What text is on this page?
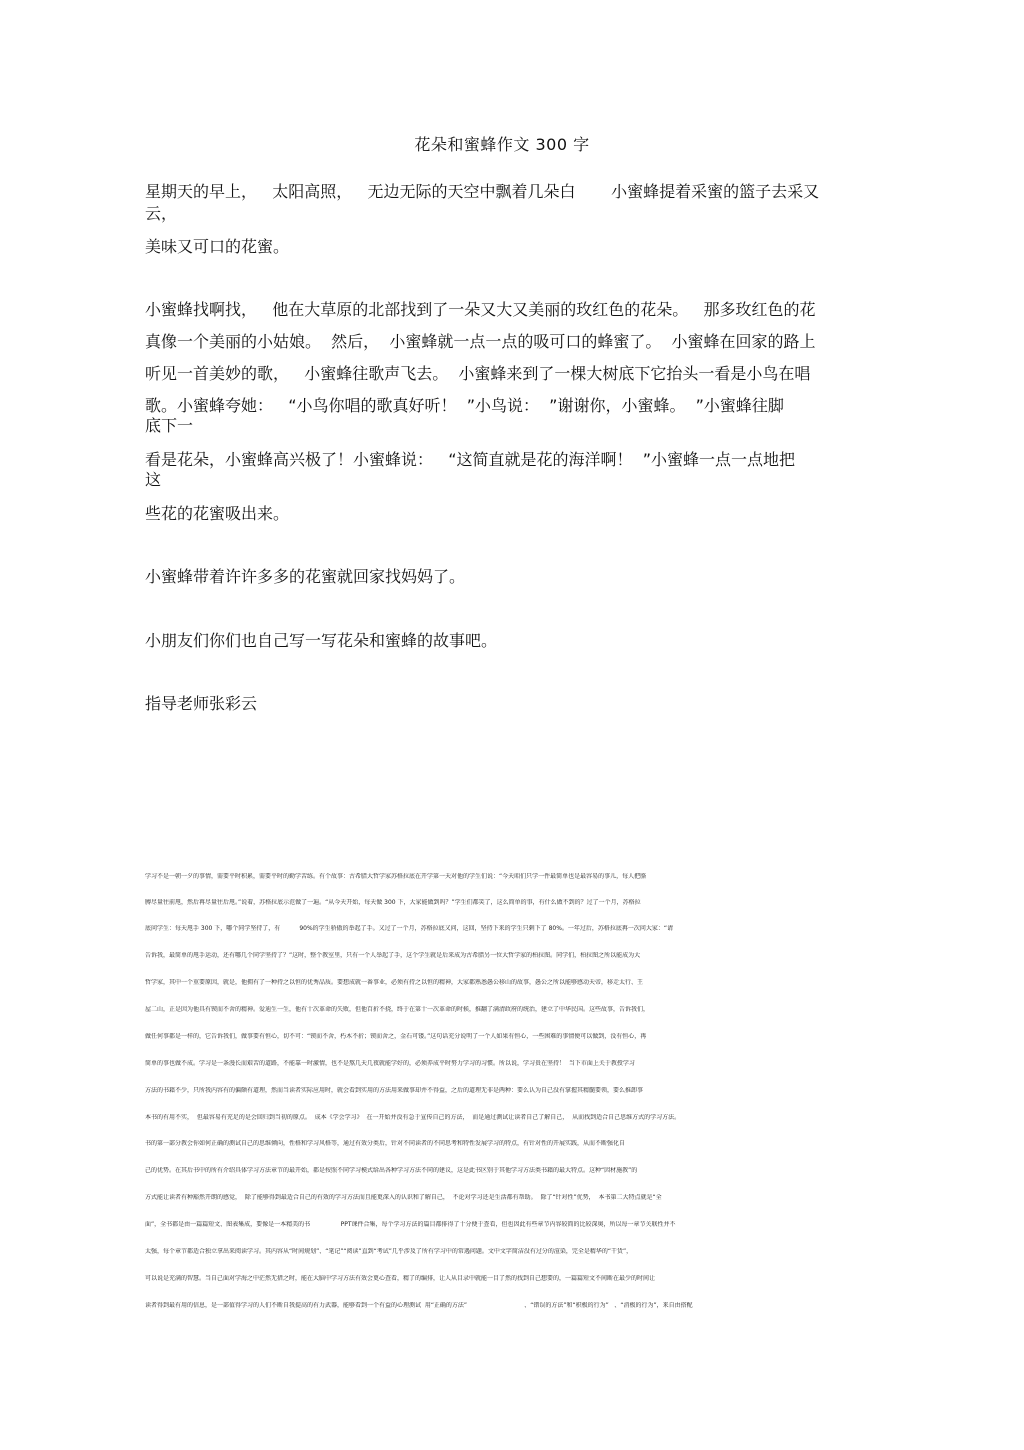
花朵和蜜蜂作文 300 字
星期天的早上，   太阳高照，   无边无际的天空中飘着几朵白       小蜜蜂提着采蜜的篮子去采又
云，
美味又可口的花蜜。
小蜜蜂找啊找，   他在大草原的北部找到了一朵又大又美丽的玫红色的花朵。   那多玫红色的花
真像一个美丽的小姑娘。  然后，  小蜜蜂就一点一点的吸可口的蜂蜜了。  小蜜蜂在回家的路上
听见一首美妙的歌，   小蜜蜂往歌声飞去。  小蜜蜂来到了一棵大树底下它抬头一看是小鸟在唱
歌。小蜜蜂夸她：   “小鸟你唱的歌真好听！  ”小鸟说：  ”谢谢你，小蜜蜂。  ”小蜜蜂往脚
底下一
看是花朵，小蜜蜂高兴极了！小蜜蜂说：   “这简直就是花的海洋啊！  ”小蜜蜂一点一点地把
这
些花的花蜜吸出来。
小蜜蜂带着许许多多的花蜜就回家找妈妈了。
小朋友们你们也自己写一写花朵和蜜蜂的故事吧。
指导老师张彩云
学习不是一朝一夕的事情，需要平时积累，需要平时的勤学苦练。有个故事：古希腊大哲学家苏格拉底在开学第一天对他的学生们说：“今天咱们只学一件最简单也是最容易的事儿，每人把胳
膊尽量往前甩，然后再尽量往后甩。”说着，苏格拉底示范做了一遍。“从今天开始，每天做 300 下，大家能做到吗？”学生们都笑了，这么简单的事，有什么做不到的？过了一个月，苏格拉
底问学生：每天甩手 300 下，哪个同学坚持了，有          90%的学生骄傲的举起了手。又过了一个月，苏格拉底又问，这回，坚持下来的学生只剩下了 80%。一年过后，苏格拉底再一次问大家：“请
告诉我，最简单的甩手运动，还有哪几个同学坚持了？”这时，整个教室里，只有一个人举起了手，这个学生就是后来成为古希腊另一位大哲学家的柏拉图。同学们，柏拉图之所以能成为大
哲学家，其中一个重要原因，就是，他拥有了一种持之以恒的优秀品质。要想成就一番事业，必须有持之以恒的精神，大家都熟悉愚公移山的故事，愚公之所以能够感动天帝，移走太行、王
屋二山，正是因为他具有锲而不舍的精神。爱迪生一生，他有十次革命的失败，但他百折不挠，终于在第十一次革命的时候，推翻了满清政府的统治，建立了中华民国。这些故事，告诉我们，
做任何事都是一样的，它告诉我们，做事要有恒心，切不可：“锲而不舍，朽木不折；锲而舍之，金石可镂。”这句话充分说明了一个人如果有恒心，一些困难的事情便可以做到，没有恒心，再
简单的事也做不成。学习是一条漫长而艰苦的道路，不能靠一时激情，也不是熬几天几夜就能学好的，必须养成平时努力学习的习惯。所以说，学习贵在坚持！  当下市面上关于教授学习
方法的书籍不少，只所我内容有的偏颇有道理，然而当读者实际应用时，就会看到实用的方法用来做事却并不得益，之后的道理无非是两种：要么认为自己没有掌握其精髓要领，要么推卸事
本书的有用不实，  但最容易有充足的是会回归到当初的原点。  成本《学会学习》  在一开始并没有急于宣传自己的方法，  而是通过测试让读者自己了解自己，  从而找到适合自己思维方式的学习方法。
书的第一部分教会你如何正确的测试自己的思维倾向，性格和学习风格等，通过有效分类后，针对不同读者的不同思考和特性发展学习的特点，有针对性的开展实践，从而不断强化自
己的优势。在其后书中的所有介绍具体学习方法章节的最开始，都是按照不同学习模式给出各种学习方法不同的建议，这是此书区别于其他学习方法类书籍的最大特点。这种“因材施教”的
方式能让读者有种豁然开朗的感觉，  除了能够得到最适合自己的有效的学习方法而且能更深入的认识和了解自己，  不论对学习还是生活都有帮助。  除了“针对性”优势，  本书第二大特点就是“全
面”，全书都是由一篇篇短文、图表集成，要像是一本精美的书                PPT课件合集，每个学习方法的篇目都排得了十分便于查看，但也因此有些章节内容较简的比较深奥，所以每一章节关联性并不
太强，每个章节都适合独立拿出来阅读学习。其内容从“时间规划”、“笔记”“阅读”直到“考试”几乎涉及了所有学习中的常遇问题。文中文字简洁没有过分的渲染，完全是精华的“干货”，
可以说是充满的智慧。当自己面对学海之中茫然无措之时，能在大脑中学习方法有效会更心查看，精了的编排，让人从目录中就能一目了然的找到自己想要的，一篇篇短文不间断在最少的时间让
读者得到最有用的信息，是一部值得学习的人们不断自我提高的有力武器，能够看到一个有益的心理测试  用“正确的方法”                              、“错误的方法”和“积极的行为”   、“消极的行为”，来自由搭配
